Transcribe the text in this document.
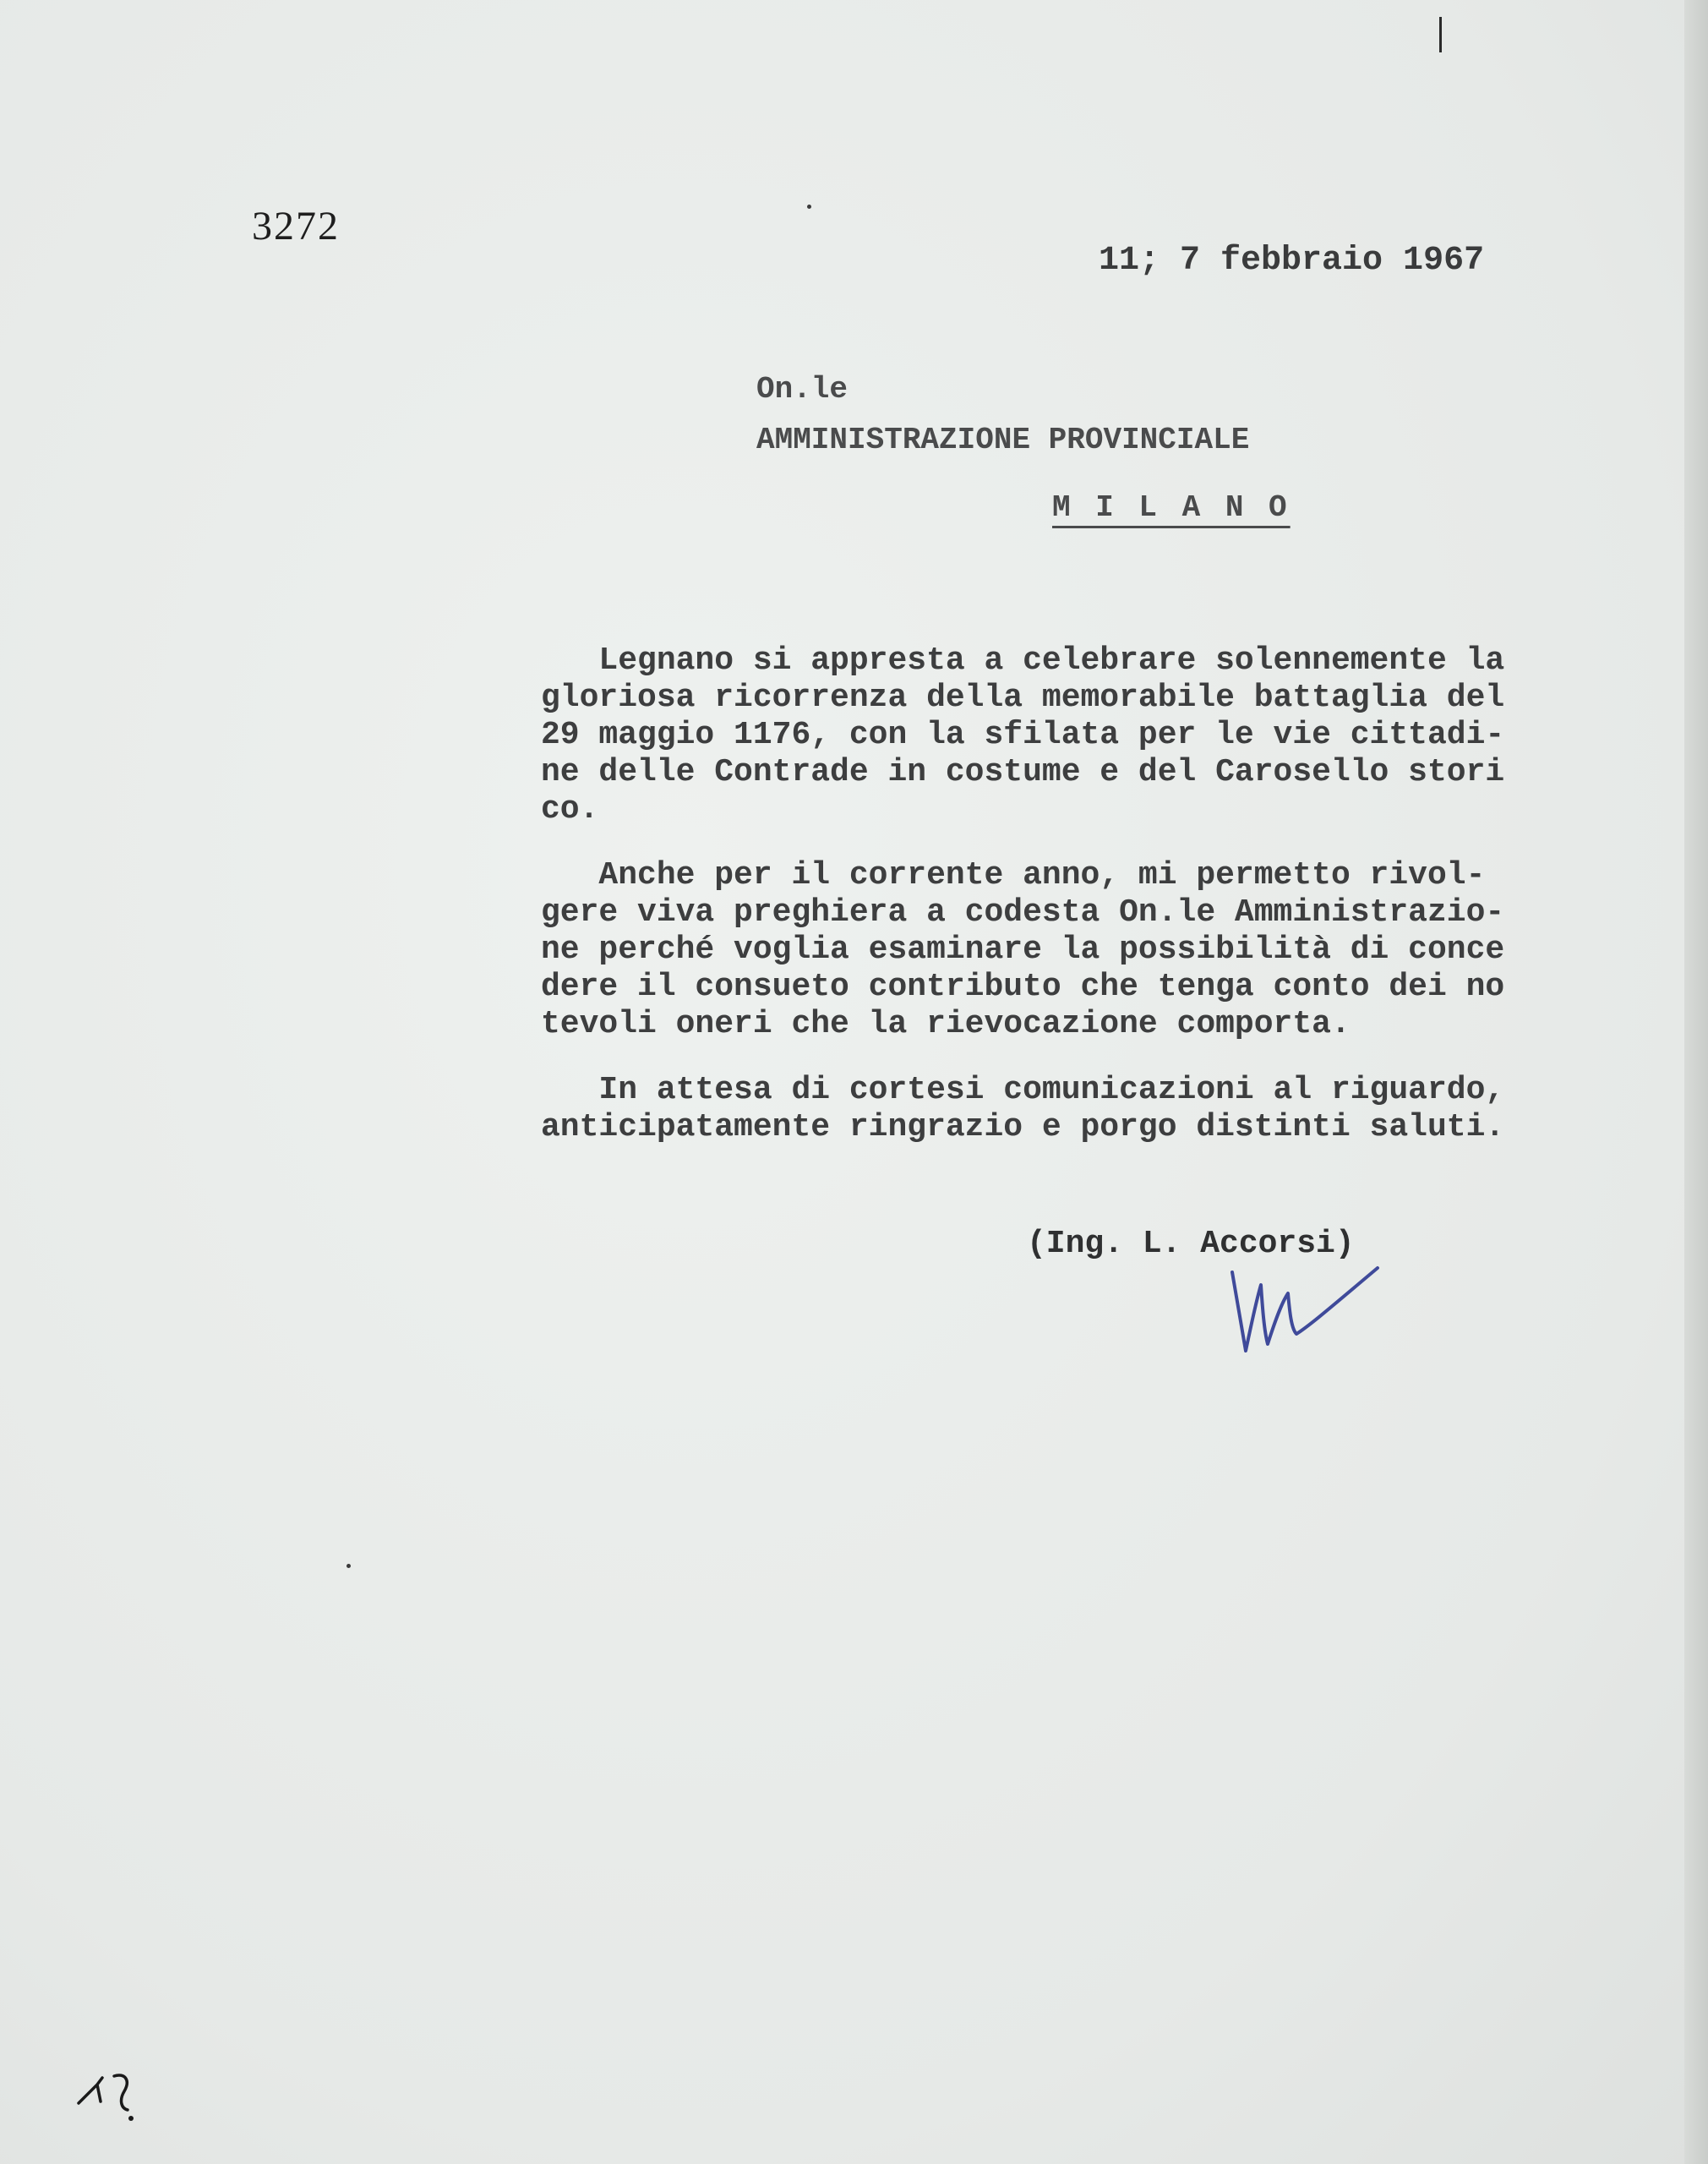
3272
11; 7 febbraio 1967
On.le
AMMINISTRAZIONE PROVINCIALE
M I L A N O

Legnano si appresta a celebrare solennemente la
gloriosa ricorrenza della memorabile battaglia del
29 maggio 1176, con la sfilata per le vie cittadi-
ne delle Contrade in costume e del Carosello stori
co.

Anche per il corrente anno, mi permetto rivol-
gere viva preghiera a codesta On.le Amministrazio-
ne perché voglia esaminare la possibilità di conce
dere il consueto contributo che tenga conto dei no
tevoli oneri che la rievocazione comporta.

In attesa di cortesi comunicazioni al riguardo,
anticipatamente ringrazio e porgo distinti saluti.

(Ing. L. Accorsi)
